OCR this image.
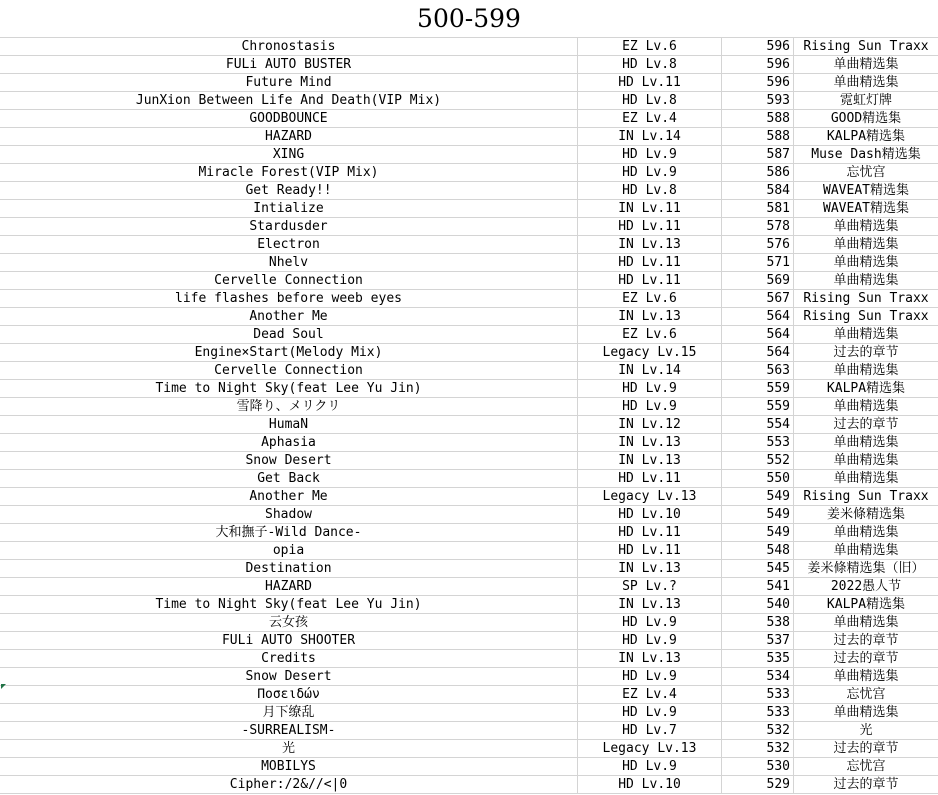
500-599
Chronostasis	EZ Lv.6	596	Rising Sun Traxx
FULi AUTO BUSTER	HD Lv.8	596	单曲精选集
Future Mind	HD Lv.11	596	单曲精选集
JunXion Between Life And Death(VIP Mix)	HD Lv.8	593	霓虹灯牌
GOODBOUNCE	EZ Lv.4	588	GOOD精选集
HAZARD	IN Lv.14	588	KALPA精选集
XING	HD Lv.9	587	Muse Dash精选集
Miracle Forest(VIP Mix)	HD Lv.9	586	忘忧宫
Get Ready!!	HD Lv.8	584	WAVEAT精选集
Intialize	IN Lv.11	581	WAVEAT精选集
Stardusder	HD Lv.11	578	单曲精选集
Electron	IN Lv.13	576	单曲精选集
Nhelv	HD Lv.11	571	单曲精选集
Cervelle Connection	HD Lv.11	569	单曲精选集
life flashes before weeb eyes	EZ Lv.6	567	Rising Sun Traxx
Another Me	IN Lv.13	564	Rising Sun Traxx
Dead Soul	EZ Lv.6	564	单曲精选集
Engine×Start(Melody Mix)	Legacy Lv.15	564	过去的章节
Cervelle Connection	IN Lv.14	563	单曲精选集
Time to Night Sky(feat Lee Yu Jin)	HD Lv.9	559	KALPA精选集
雪降り、メリクリ	HD Lv.9	559	单曲精选集
HumaN	IN Lv.12	554	过去的章节
Aphasia	IN Lv.13	553	单曲精选集
Snow Desert	IN Lv.13	552	单曲精选集
Get Back	HD Lv.11	550	单曲精选集
Another Me	Legacy Lv.13	549	Rising Sun Traxx
Shadow	HD Lv.10	549	姜米條精选集
大和撫子-Wild Dance-	HD Lv.11	549	单曲精选集
opia	HD Lv.11	548	单曲精选集
Destination	IN Lv.13	545	姜米條精选集（旧）
HAZARD	SP Lv.?	541	2022愚人节
Time to Night Sky(feat Lee Yu Jin)	IN Lv.13	540	KALPA精选集
云女孩	HD Lv.9	538	单曲精选集
FULi AUTO SHOOTER	HD Lv.9	537	过去的章节
Credits	IN Lv.13	535	过去的章节
Snow Desert	HD Lv.9	534	单曲精选集
Ποσειδών	EZ Lv.4	533	忘忧宫
月下缭乱	HD Lv.9	533	单曲精选集
-SURREALISM-	HD Lv.7	532	光
光	Legacy Lv.13	532	过去的章节
MOBILYS	HD Lv.9	530	忘忧宫
Cipher:/2&//<|0	HD Lv.10	529	过去的章节
